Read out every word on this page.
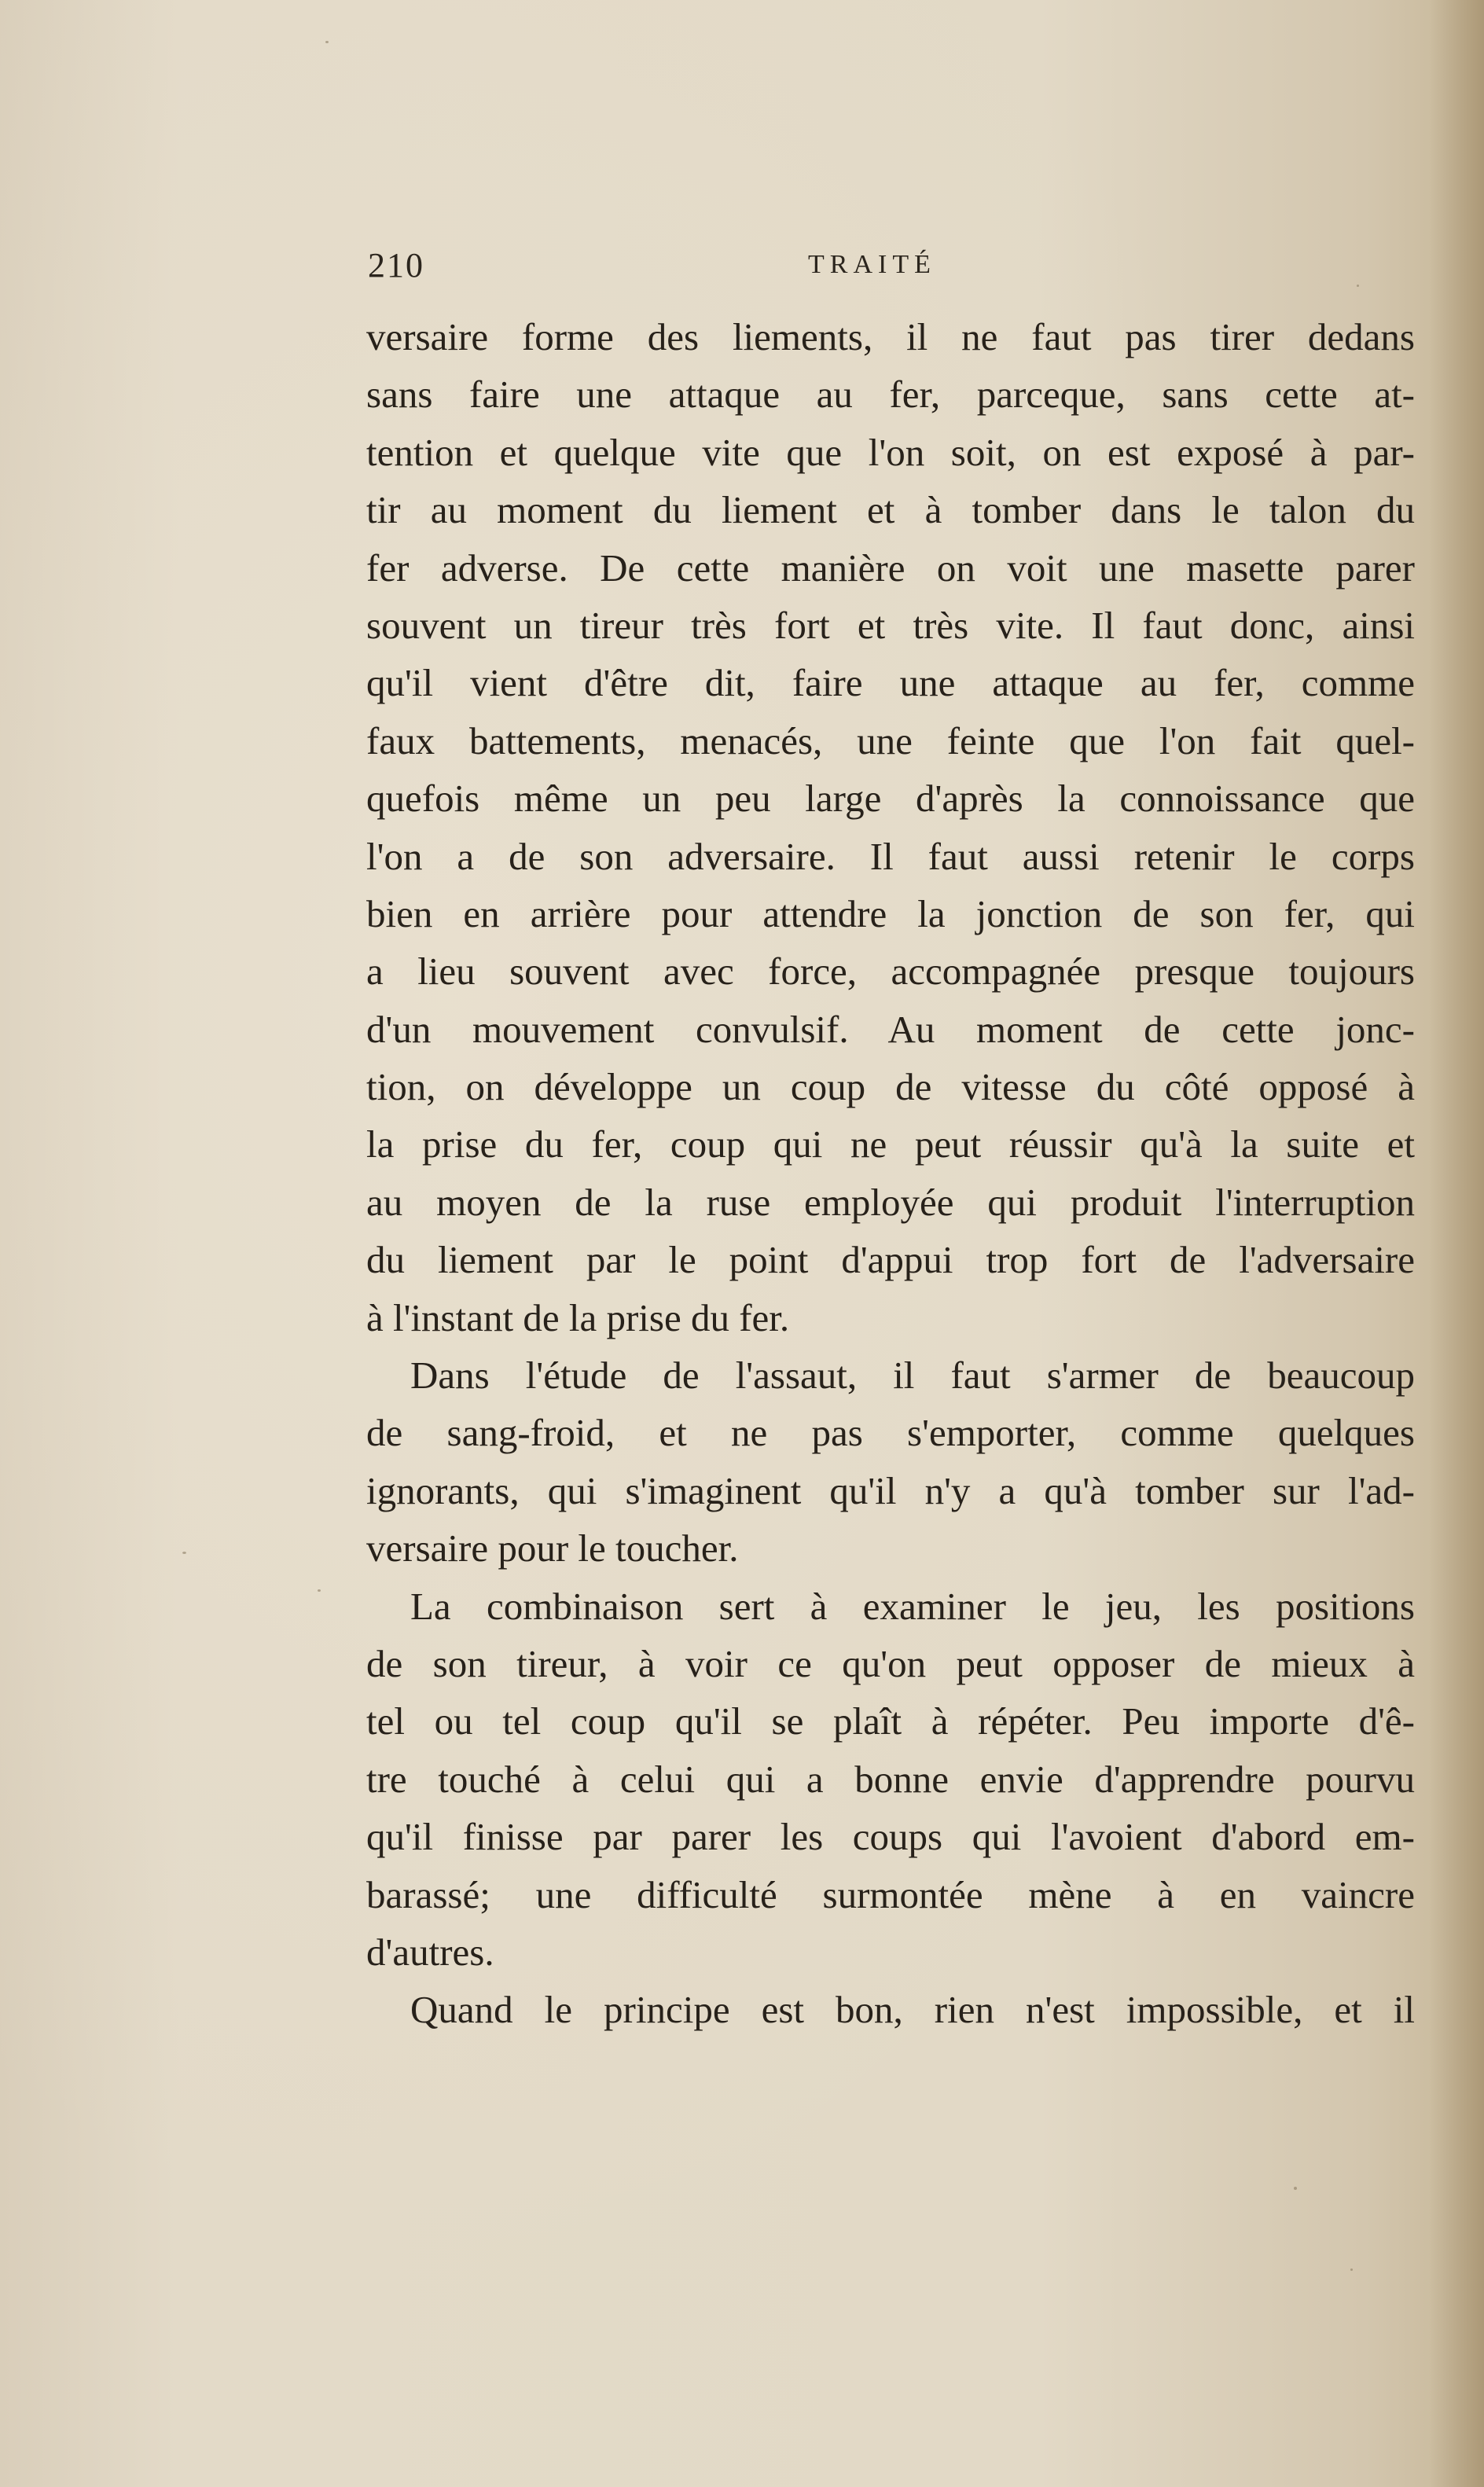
210	TRAITÉ
versaire forme des liements, il ne faut pas tirer dedans
sans faire une attaque au fer, parceque, sans cette at-
tention et quelque vite que l'on soit, on est exposé à par-
tir au moment du liement et à tomber dans le talon du
fer adverse. De cette manière on voit une masette parer
souvent un tireur très fort et très vite. Il faut donc, ainsi
qu'il vient d'être dit, faire une attaque au fer, comme
faux battements, menacés, une feinte que l'on fait quel-
quefois même un peu large d'après la connoissance que
l'on a de son adversaire. Il faut aussi retenir le corps
bien en arrière pour attendre la jonction de son fer, qui
a lieu souvent avec force, accompagnée presque toujours
d'un mouvement convulsif. Au moment de cette jonc-
tion, on développe un coup de vitesse du côté opposé à
la prise du fer, coup qui ne peut réussir qu'à la suite et
au moyen de la ruse employée qui produit l'interruption
du liement par le point d'appui trop fort de l'adversaire
à l'instant de la prise du fer.
Dans l'étude de l'assaut, il faut s'armer de beaucoup
de sang-froid, et ne pas s'emporter, comme quelques
ignorants, qui s'imaginent qu'il n'y a qu'à tomber sur l'ad-
versaire pour le toucher.
La combinaison sert à examiner le jeu, les positions
de son tireur, à voir ce qu'on peut opposer de mieux à
tel ou tel coup qu'il se plaît à répéter. Peu importe d'ê-
tre touché à celui qui a bonne envie d'apprendre pourvu
qu'il finisse par parer les coups qui l'avoient d'abord em-
barassé; une difficulté surmontée mène à en vaincre
d'autres.
Quand le principe est bon, rien n'est impossible, et il
